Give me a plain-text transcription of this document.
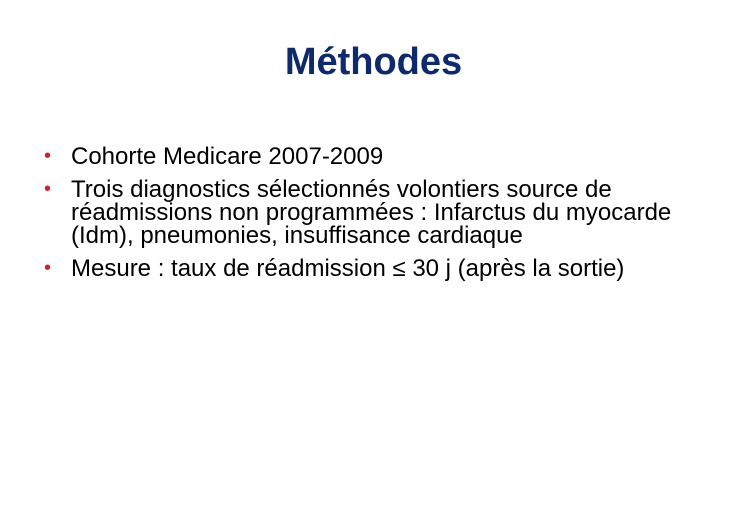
Méthodes
• Cohorte Medicare 2007-2009
• Trois diagnostics sélectionnés volontiers source de réadmissions non programmées : Infarctus du myocarde (Idm), pneumonies, insuffisance cardiaque
• Mesure : taux de réadmission ≤ 30 j (après la sortie)
